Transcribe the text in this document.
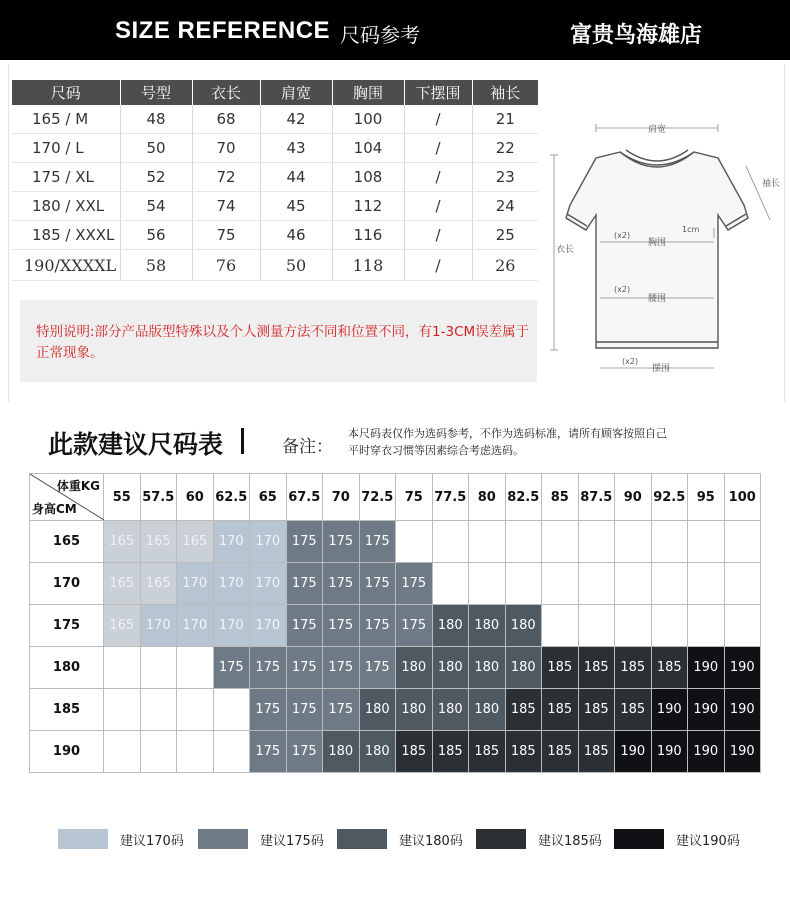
SIZE REFERENCE 尺码参考	富贵鸟海雄店
尺码	号型	衣长	肩宽	胸围	下摆围	袖长
165 / M	48	68	42	100	/	21
170 / L	50	70	43	104	/	22
175 / XL	52	72	44	108	/	23
180 / XXL	54	74	45	112	/	24
185 / XXXL	56	75	46	116	/	25
190/XXXXL	58	76	50	118	/	26
特别说明:部分产品版型特殊以及个人测量方法不同和位置不同，有1-3CM误差属于正常现象。
肩宽
袖长
衣长
(x2)
胸围
1cm
(x2)
腰围
(x2)
摆围
此款建议尺码表	备注：
本尺码表仅作为选码参考，不作为选码标准，请所有顾客按照自己
平时穿衣习惯等因素综合考虑选码。
体重KG
身高CM	55	57.5	60	62.5	65	67.5	70	72.5	75	77.5	80	82.5	85	87.5	90	92.5	95	100
165	165	165	165	170	170	175	175	175										
170	165	165	170	170	170	175	175	175	175									
175	165	170	170	170	170	175	175	175	175	180	180	180						
180				175	175	175	175	175	180	180	180	180	185	185	185	185	190	190
185					175	175	175	180	180	180	180	185	185	185	185	190	190	190
190					175	175	180	180	185	185	185	185	185	185	190	190	190	190
建议170码	建议175码	建议180码	建议185码	建议190码
